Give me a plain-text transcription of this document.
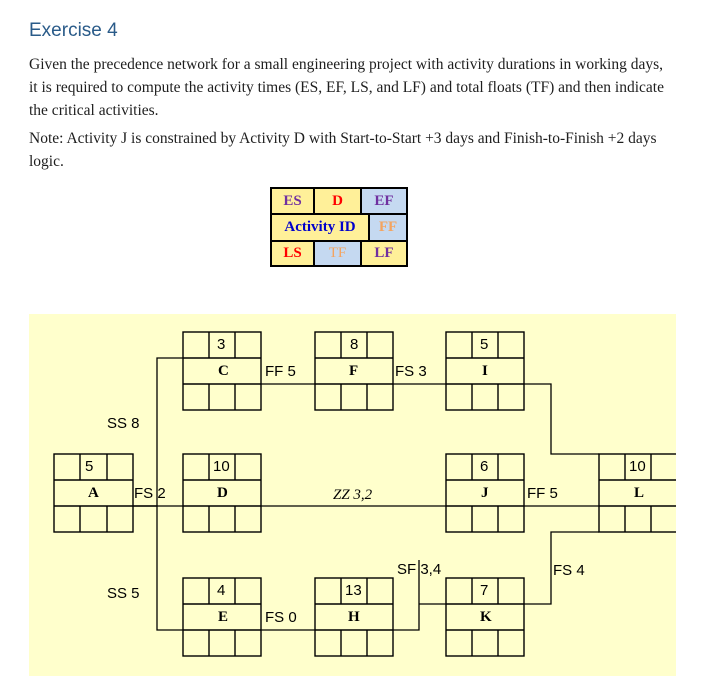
Exercise 4

Given the precedence network for a small engineering project with activity durations in working days, it is required to compute the activity times (ES, EF, LS, and LF) and total floats (TF) and then indicate the critical activities.

Note: Activity J is constrained by Activity D with Start-to-Start +3 days and Finish-to-Finish +2 days logic.

ES	D	EF
Activity ID	FF
LS	TF	LF
5
3
10
4
8
13
5
6
7
10
A
C
D
E
F
H
I
J
K
L
SS 8
FS 2
SS 5
FF 5	FS 3
ZZ 3,2
FS 0
SF 3,4
FF 5
FS 4
